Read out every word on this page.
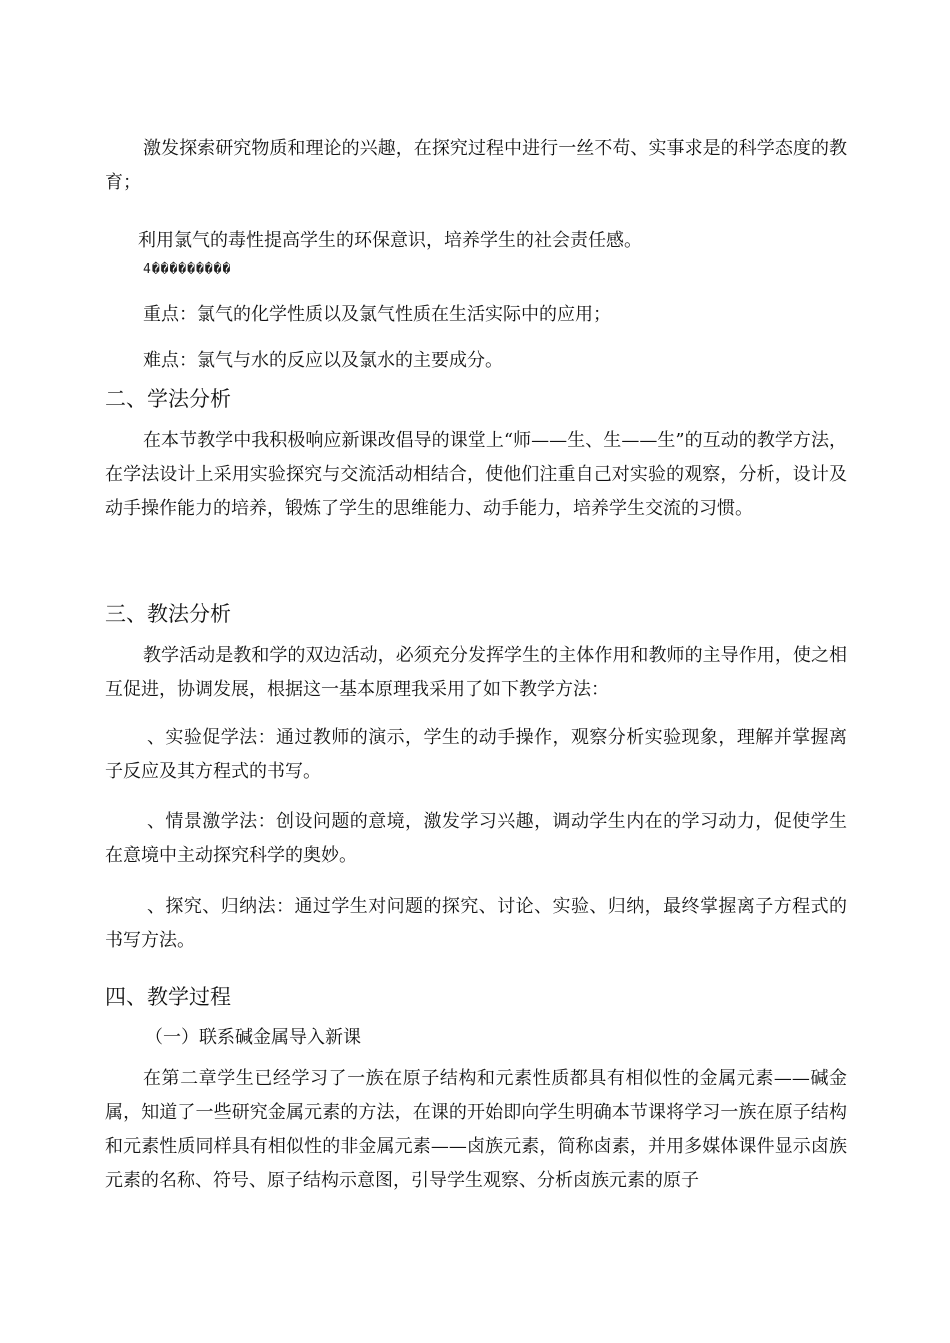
激发探索研究物质和理论的兴趣，在探究过程中进行一丝不苟、实事求是的科学态度的教育；

利用氯气的毒性提高学生的环保意识，培养学生的社会责任感。

4���������

重点：氯气的化学性质以及氯气性质在生活实际中的应用；

难点：氯气与水的反应以及氯水的主要成分。

二、学法分析

在本节教学中我积极响应新课改倡导的课堂上“师——生、生——生”的互动的教学方法，在学法设计上采用实验探究与交流活动相结合，使他们注重自己对实验的观察，分析，设计及动手操作能力的培养，锻炼了学生的思维能力、动手能力，培养学生交流的习惯。

三、教法分析

教学活动是教和学的双边活动，必须充分发挥学生的主体作用和教师的主导作用，使之相互促进，协调发展，根据这一基本原理我采用了如下教学方法：

、实验促学法：通过教师的演示，学生的动手操作，观察分析实验现象，理解并掌握离子反应及其方程式的书写。

、情景激学法：创设问题的意境，激发学习兴趣，调动学生内在的学习动力，促使学生在意境中主动探究科学的奥妙。

、探究、归纳法：通过学生对问题的探究、讨论、实验、归纳，最终掌握离子方程式的书写方法。

四、教学过程

（一）联系碱金属导入新课

在第二章学生已经学习了一族在原子结构和元素性质都具有相似性的金属元素——碱金属，知道了一些研究金属元素的方法，在课的开始即向学生明确本节课将学习一族在原子结构和元素性质同样具有相似性的非金属元素——卤族元素，简称卤素，并用多媒体课件显示卤族元素的名称、符号、原子结构示意图，引导学生观察、分析卤族元素的原子
